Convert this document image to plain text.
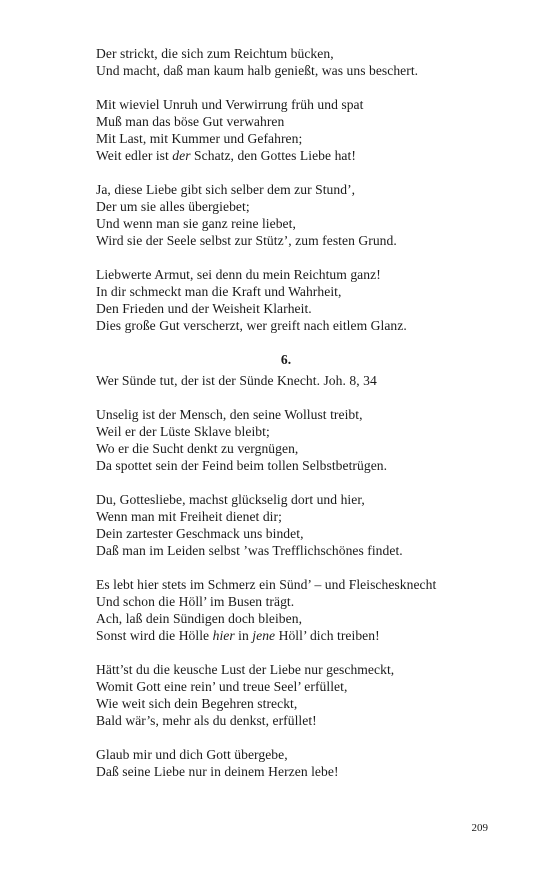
Der strickt, die sich zum Reichtum bücken,
Und macht, daß man kaum halb genießt, was uns beschert.
Mit wieviel Unruh und Verwirrung früh und spat
Muß man das böse Gut verwahren
Mit Last, mit Kummer und Gefahren;
Weit edler ist der Schatz, den Gottes Liebe hat!
Ja, diese Liebe gibt sich selber dem zur Stund’,
Der um sie alles übergiebet;
Und wenn man sie ganz reine liebet,
Wird sie der Seele selbst zur Stütz’, zum festen Grund.
Liebwerte Armut, sei denn du mein Reichtum ganz!
In dir schmeckt man die Kraft und Wahrheit,
Den Frieden und der Weisheit Klarheit.
Dies große Gut verscherzt, wer greift nach eitlem Glanz.
6.
Wer Sünde tut, der ist der Sünde Knecht. Joh. 8, 34
Unselig ist der Mensch, den seine Wollust treibt,
Weil er der Lüste Sklave bleibt;
Wo er die Sucht denkt zu vergnügen,
Da spottet sein der Feind beim tollen Selbstbetrügen.
Du, Gottesliebe, machst glückselig dort und hier,
Wenn man mit Freiheit dienet dir;
Dein zartester Geschmack uns bindet,
Daß man im Leiden selbst ’was Trefflichschönes findet.
Es lebt hier stets im Schmerz ein Sünd’ – und Fleischesknecht
Und schon die Höll’ im Busen trägt.
Ach, laß dein Sündigen doch bleiben,
Sonst wird die Hölle hier in jene Höll’ dich treiben!
Hätt’st du die keusche Lust der Liebe nur geschmeckt,
Womit Gott eine rein’ und treue Seel’ erfüllet,
Wie weit sich dein Begehren streckt,
Bald wär’s, mehr als du denkst, erfüllet!
Glaub mir und dich Gott übergebe,
Daß seine Liebe nur in deinem Herzen lebe!
209
